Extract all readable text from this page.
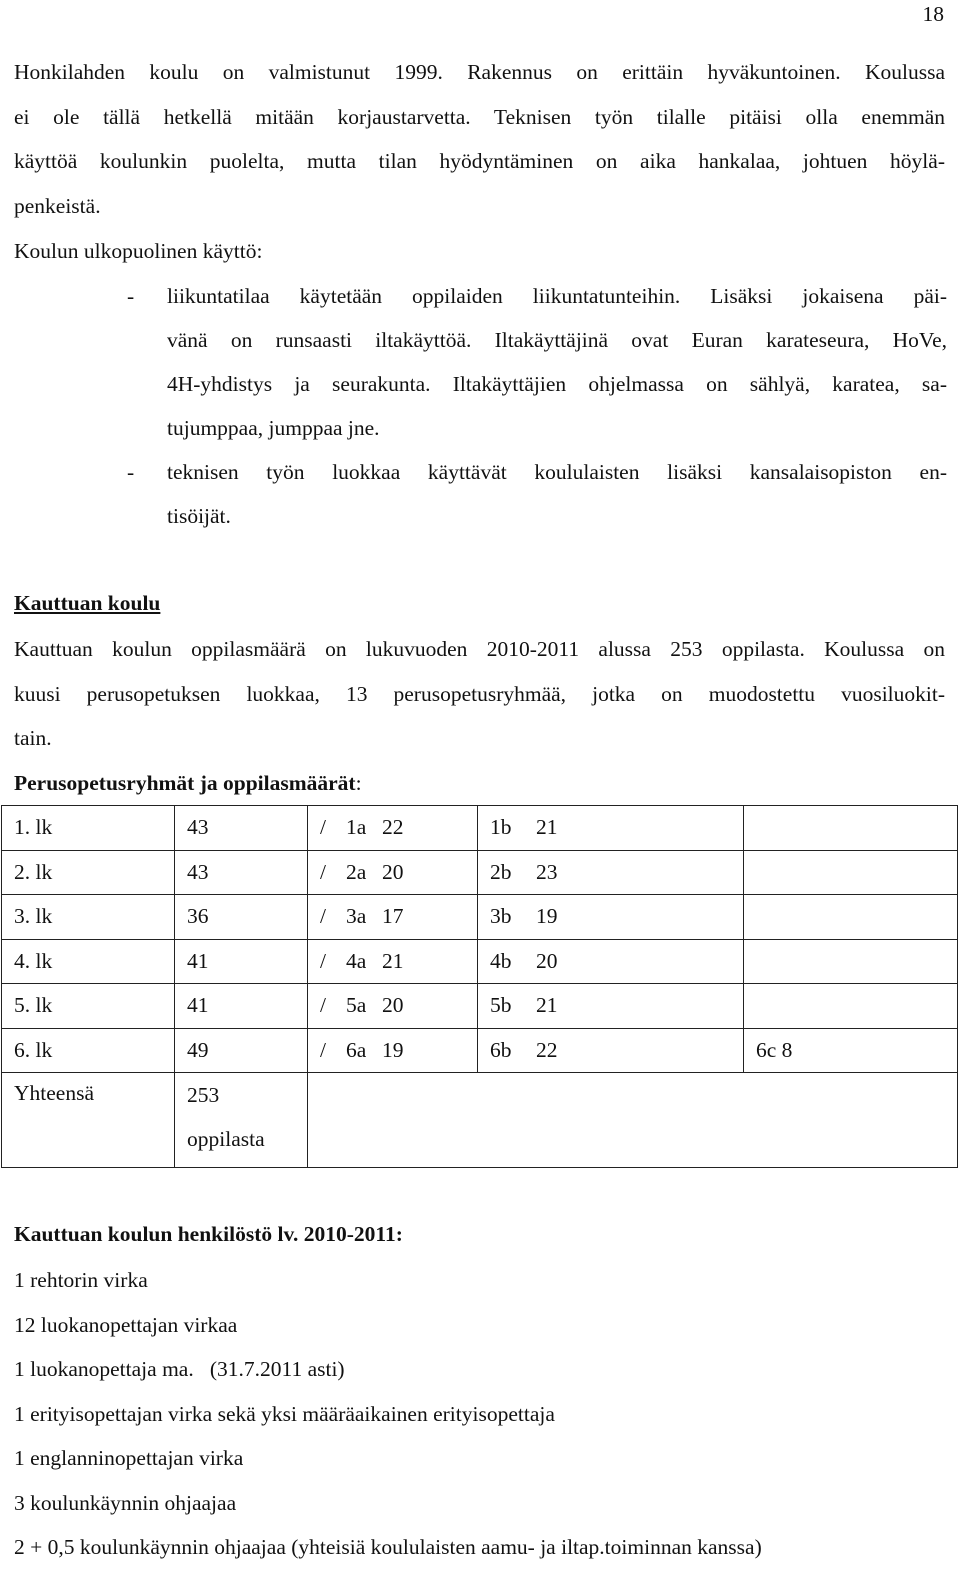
18
Honkilahden koulu on valmistunut 1999. Rakennus on erittäin hyväkuntoinen. Koulussa
ei ole tällä hetkellä mitään korjaustarvetta. Teknisen työn tilalle pitäisi olla enemmän
käyttöä koulunkin puolelta, mutta tilan hyödyntäminen on aika hankalaa, johtuen höylä-
penkeistä.
Koulun ulkopuolinen käyttö:
- liikuntatilaa käytetään oppilaiden liikuntatunteihin. Lisäksi jokaisena päi-
vänä on runsaasti iltakäyttöä. Iltakäyttäjinä ovat Euran karateseura, HoVe,
4H-yhdistys ja seurakunta. Iltakäyttäjien ohjelmassa on sählyä, karatea, sa-
tujumppaa, jumppaa jne.
- teknisen työn luokkaa käyttävät koululaisten lisäksi kansalaisopiston en-
tisöijät.
Kauttuan koulu
Kauttuan koulun oppilasmäärä on lukuvuoden 2010-2011 alussa 253 oppilasta. Koulussa on
kuusi perusopetuksen luokkaa, 13 perusopetusryhmää, jotka on muodostettu vuosiluokit-
tain.
Perusopetusryhmät ja oppilasmäärät:
1. lk	43	/ 1a 22	1b 21	
2. lk	43	/ 2a 20	2b 23	
3. lk	36	/ 3a 17	3b 19	
4. lk	41	/ 4a 21	4b 20	
5. lk	41	/ 5a 20	5b 21	
6. lk	49	/ 6a 19	6b 22	6c 8
Yhteensä	253
oppilasta			

Kauttuan koulun henkilöstö lv. 2010-2011:
1 rehtorin virka
12 luokanopettajan virkaa
1 luokanopettaja ma.   (31.7.2011 asti)
1 erityisopettajan virka sekä yksi määräaikainen erityisopettaja
1 englanninopettajan virka
3 koulunkäynnin ohjaajaa
2 + 0,5 koulunkäynnin ohjaajaa (yhteisiä koululaisten aamu- ja iltap.toiminnan kanssa)
